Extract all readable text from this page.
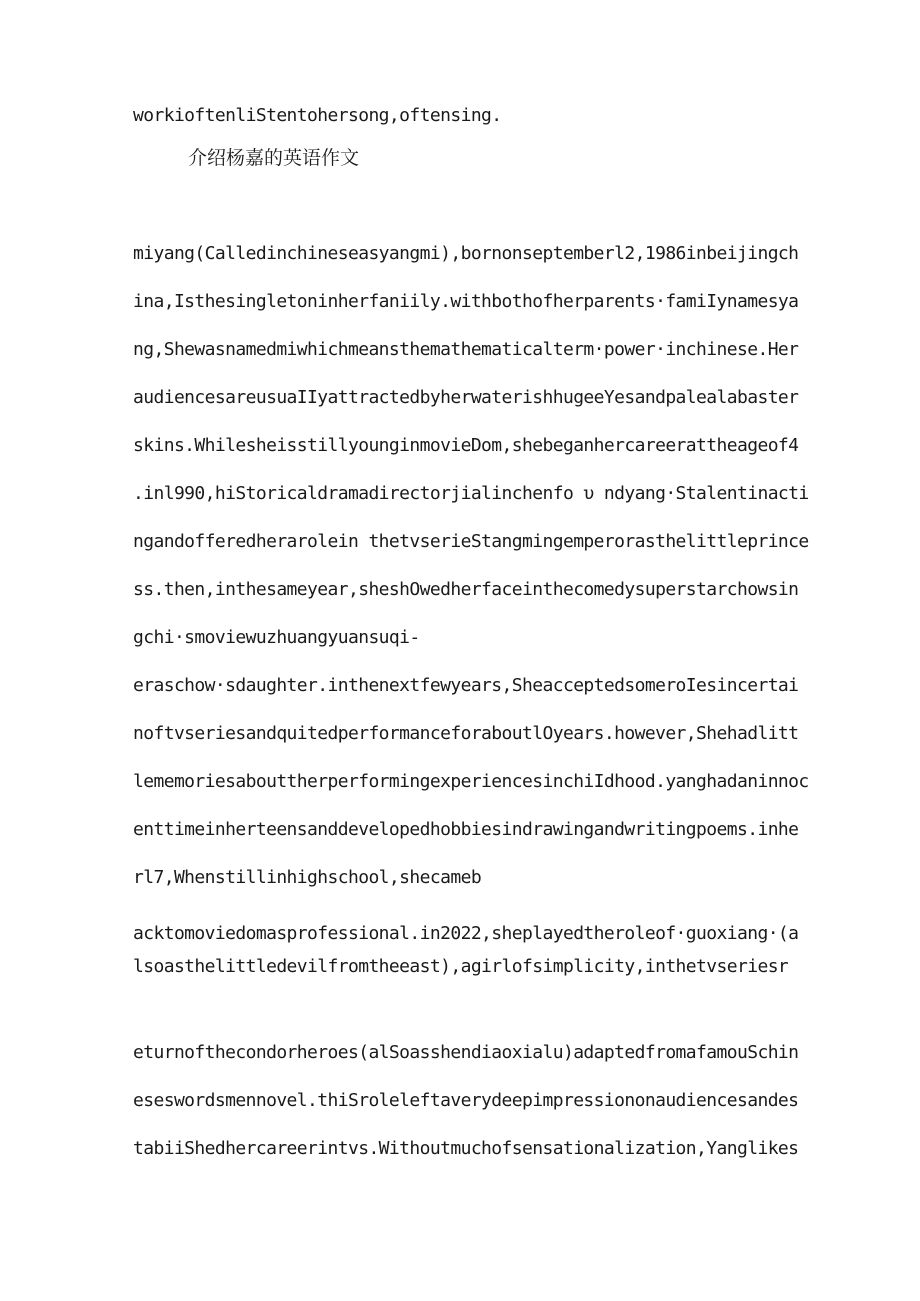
workioftenliStentohersong,oftensing.
介绍杨嘉的英语作文
miyang(Calledinchineseasyangmi),bornonseptemberl2,1986inbeijingch
ina,Isthesingletoninherfaniily.withbothofherparents·famiIynamesya
ng,Shewasnamedmiwhichmeansthemathematicalterm·power·inchinese.Her
audiencesareusuaIIyattractedbyherwaterishhugeeYesandpalealabaster
skins.WhilesheisstillyounginmovieDom,shebeganhercareerattheageof4
.inl990,hiStoricaldramadirectorjialinchenfo υ ndyang·Stalentinacti
ngandofferedherarolein thetvserieStangmingemperorasthelittleprince
ss.then,inthesameyear,sheshOwedherfaceinthecomedysuperstarchowsin
gchi·smoviewuzhuangyuansuqi-
eraschow·sdaughter.inthenextfewyears,SheacceptedsomeroIesincertai
noftvseriesandquitedperformanceforaboutlOyears.however,Shehadlitt
lememoriesabouttherperformingexperiencesinchiIdhood.yanghadaninnoc
enttimeinherteensanddevelopedhobbiesindrawingandwritingpoems.inhe
rl7,Whenstillinhighschool,shecameb
acktomoviedomasprofessional.in2022,sheplayedtheroleof·guoxiang·(a
lsoasthelittledevilfromtheeast),agirlofsimplicity,inthetvseriesr
eturnofthecondorheroes(alSoasshendiaoxialu)adaptedfromafamouSchin
eseswordsmennovel.thiSroleleftaverydeepimpressiononaudiencesandes
tabiiShedhercareerintvs.Withoutmuchofsensationalization,Yanglikes
